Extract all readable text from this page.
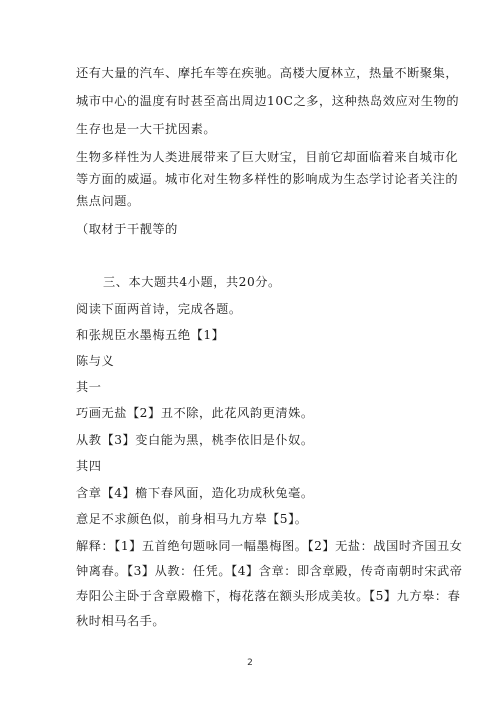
还有大量的汽车、摩托车等在疾驰。高楼大厦林立，热量不断聚集，
城市中心的温度有时甚至高出周边10C之多，这种热岛效应对生物的
生存也是一大干扰因素。
生物多样性为人类进展带来了巨大财宝，目前它却面临着来自城市化
等方面的威逼。城市化对生物多样性的影响成为生态学讨论者关注的
焦点问题。
（取材于干靓等的
三、本大题共4小题，共20分。
阅读下面两首诗，完成各题。
和张规臣水墨梅五绝【1】
陈与义
其一
巧画无盐【2】丑不除，此花风韵更清姝。
从教【3】变白能为黑，桃李依旧是仆奴。
其四
含章【4】檐下春风面，造化功成秋兔毫。
意足不求颜色似，前身相马九方皋【5】。
解释：【1】五首绝句题咏同一幅墨梅图。【2】无盐：战国时齐国丑女
钟离春。【3】从教：任凭。【4】含章：即含章殿，传奇南朝时宋武帝
寿阳公主卧于含章殿檐下，梅花落在额头形成美妆。【5】九方皋：春
秋时相马名手。
2
